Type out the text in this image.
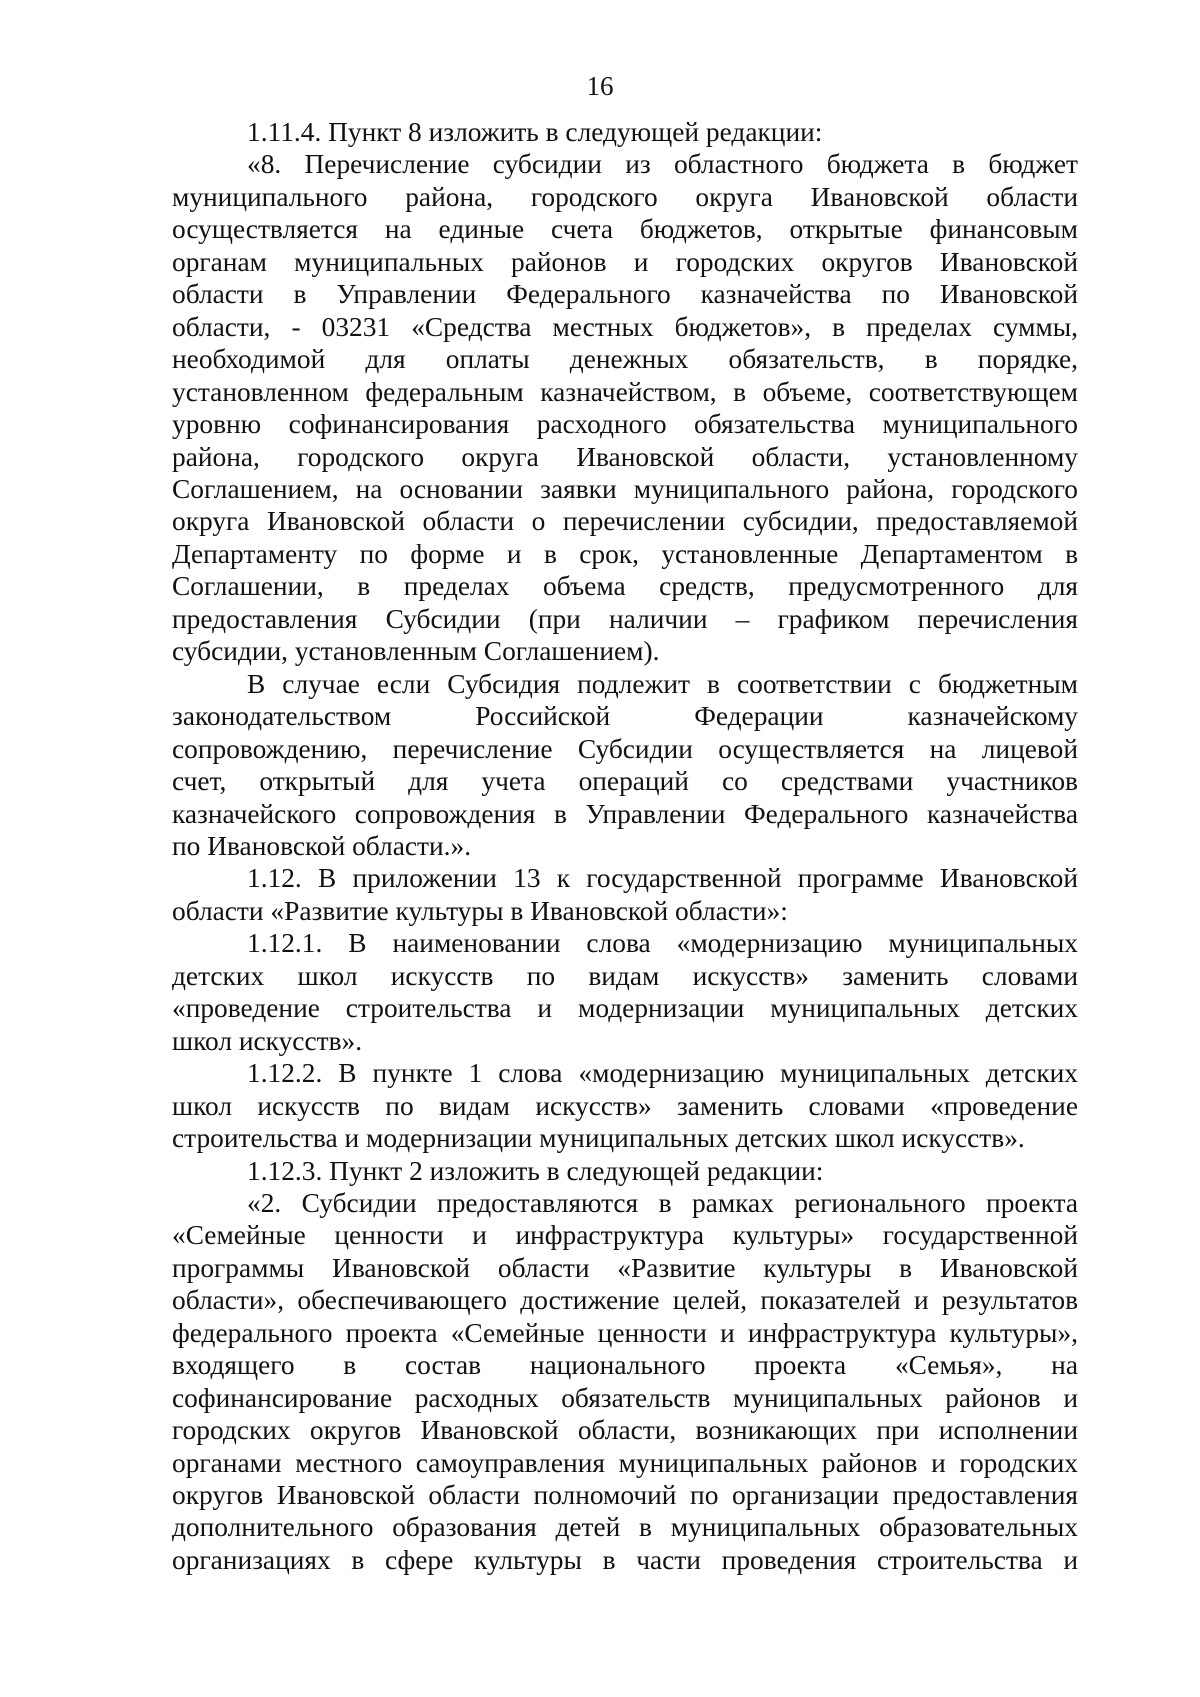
16

1.11.4. Пункт 8 изложить в следующей редакции:

«8. Перечисление субсидии из областного бюджета в бюджет
муниципального района, городского округа Ивановской области
осуществляется на единые счета бюджетов, открытые финансовым
органам муниципальных районов и городских округов Ивановской
области в Управлении Федерального казначейства по Ивановской
области, - 03231 «Средства местных бюджетов», в пределах суммы,
необходимой для оплаты денежных обязательств, в порядке,
установленном федеральным казначейством, в объеме, соответствующем
уровню софинансирования расходного обязательства муниципального
района, городского округа Ивановской области, установленному
Соглашением, на основании заявки муниципального района, городского
округа Ивановской области о перечислении субсидии, предоставляемой
Департаменту по форме и в срок, установленные Департаментом в
Соглашении, в пределах объема средств, предусмотренного для
предоставления Субсидии (при наличии – графиком перечисления
субсидии, установленным Соглашением).

В случае если Субсидия подлежит в соответствии с бюджетным
законодательством Российской Федерации казначейскому
сопровождению, перечисление Субсидии осуществляется на лицевой
счет, открытый для учета операций со средствами участников
казначейского сопровождения в Управлении Федерального казначейства
по Ивановской области.».

1.12. В приложении 13 к государственной программе Ивановской
области «Развитие культуры в Ивановской области»:

1.12.1. В наименовании слова «модернизацию муниципальных
детских школ искусств по видам искусств» заменить словами
«проведение строительства и модернизации муниципальных детских
школ искусств».

1.12.2. В пункте 1 слова «модернизацию муниципальных детских
школ искусств по видам искусств» заменить словами «проведение
строительства и модернизации муниципальных детских школ искусств».

1.12.3. Пункт 2 изложить в следующей редакции:

«2. Субсидии предоставляются в рамках регионального проекта
«Семейные ценности и инфраструктура культуры» государственной
программы Ивановской области «Развитие культуры в Ивановской
области», обеспечивающего достижение целей, показателей и результатов
федерального проекта «Семейные ценности и инфраструктура культуры»,
входящего в состав национального проекта «Семья», на
софинансирование расходных обязательств муниципальных районов и
городских округов Ивановской области, возникающих при исполнении
органами местного самоуправления муниципальных районов и городских
округов Ивановской области полномочий по организации предоставления
дополнительного образования детей в муниципальных образовательных
организациях в сфере культуры в части проведения строительства и
